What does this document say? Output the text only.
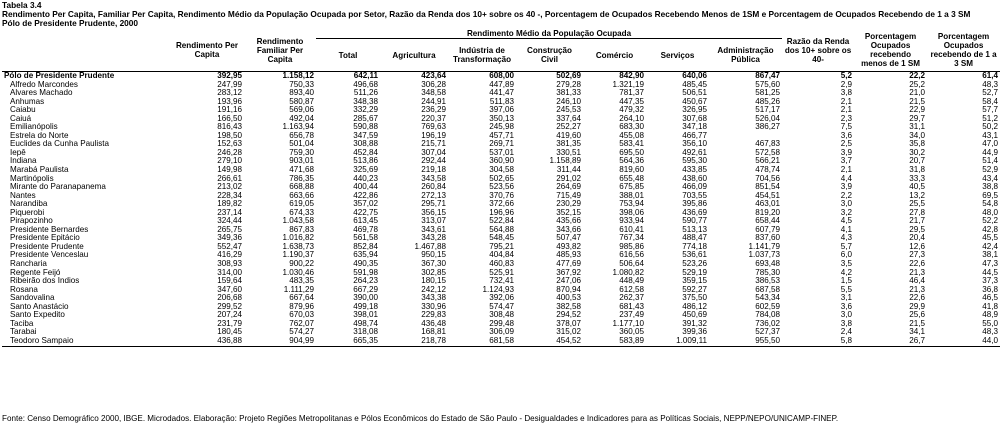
Tabela 3.4
Rendimento Per Capita, Familiar Per Capita, Rendimento Médio da População Ocupada por Setor, Razão da Renda dos 10+ sobre os 40 -, Porcentagem de Ocupados Recebendo Menos de 1SM e Porcentagem de Ocupados Recebendo de 1 a 3 SM
Pólo de Presidente Prudente, 2000
	Rendimento Per Capita	Rendimento Familiar Per Capita	Rendimento Médio da População Ocupada							Razão da Renda dos 10+ sobre os 40-	Porcentagem Ocupados recebendo menos de 1 SM	Porcentagem Ocupados recebendo de 1 a 3 SM
			Total	Agricultura	Indústria de Transformação	Construção Civil	Comércio	Serviços	Administração Pública			
Pólo de Presidente Prudente	392,95	1.158,12	642,11	423,64	608,00	502,69	842,90	640,06	867,47	5,2	22,2	61,4
Alfredo Marcondes	247,99	750,33	496,68	306,28	447,89	279,28	1.321,19	485,45	575,60	2,9	25,2	48,3
Álvares Machado	283,12	893,40	511,26	348,58	441,47	381,33	781,37	506,51	581,25	3,8	21,0	52,7
Anhumas	193,96	580,87	348,38	244,91	511,83	246,10	447,35	450,67	485,26	2,1	21,5	58,4
Caiabu	191,16	569,06	332,29	236,29	397,06	245,53	479,32	326,95	517,17	2,1	22,9	57,7
Caiuá	166,50	492,04	285,67	220,37	350,13	337,64	264,10	307,68	526,04	2,3	29,7	51,2
Emilianópolis	816,43	1.163,94	590,88	769,63	245,98	252,27	683,30	347,18	386,27	7,5	31,1	50,2
Estrela do Norte	198,50	656,78	347,59	196,19	457,71	419,60	455,08	466,77		3,6	34,0	43,1
Euclides da Cunha Paulista	152,63	501,04	308,88	215,71	269,71	381,35	583,41	356,10	467,83	2,5	35,8	47,0
Iepê	246,28	759,30	452,84	307,04	537,01	330,51	695,50	492,61	572,58	3,9	30,2	44,9
Indiana	279,10	903,01	513,86	292,44	360,90	1.158,89	564,36	595,30	566,21	3,7	20,7	51,4
Marabá Paulista	149,98	471,68	325,69	219,18	304,58	311,44	819,60	433,85	478,74	2,1	31,8	52,9
Martinópolis	266,61	786,35	440,23	343,58	502,65	291,02	655,48	438,60	704,56	4,4	33,3	43,4
Mirante do Paranapanema	213,02	668,88	400,44	260,84	523,56	264,69	675,85	466,09	851,54	3,9	40,5	38,8
Nantes	228,34	663,66	422,86	272,13	370,76	715,49	388,01	703,55	454,51	2,2	13,2	69,5
Narandiba	189,82	619,05	357,02	295,71	372,66	230,29	753,94	395,86	463,01	3,0	25,5	54,8
Piquerobi	237,14	674,33	422,75	356,15	196,96	352,15	398,06	436,69	819,20	3,2	27,8	48,0
Pirapozinho	324,44	1.043,58	613,45	313,07	522,84	435,66	933,94	590,77	658,44	4,5	21,7	52,2
Presidente Bernardes	265,75	867,83	469,78	343,61	564,88	343,66	610,41	513,13	607,79	4,1	29,5	42,8
Presidente Epitácio	349,36	1.016,82	561,58	343,28	548,45	507,47	767,34	488,47	837,60	4,3	20,4	45,5
Presidente Prudente	552,47	1.638,73	852,84	1.467,88	795,21	493,82	985,86	774,18	1.141,79	5,7	12,6	42,4
Presidente Venceslau	416,29	1.190,37	635,94	950,15	404,84	485,93	616,56	536,61	1.037,73	6,0	27,3	38,1
Rancharia	308,93	900,22	490,35	367,30	460,83	477,69	506,64	523,26	693,48	3,5	22,6	47,3
Regente Feijó	314,00	1.030,46	591,98	302,85	525,91	367,92	1.080,82	529,19	785,30	4,2	21,3	44,5
Ribeirão dos Índios	159,64	483,35	264,23	180,15	732,41	247,06	448,49	359,15	386,53	1,5	46,4	37,3
Rosana	347,60	1.111,29	667,29	242,12	1.124,93	870,94	612,58	592,27	687,58	5,5	21,3	36,8
Sandovalina	206,68	667,64	390,00	343,38	392,06	400,53	262,37	375,50	543,34	3,1	22,6	46,5
Santo Anastácio	299,52	879,96	499,18	330,96	574,47	382,58	681,43	486,12	602,59	3,6	29,9	41,8
Santo Expedito	207,24	670,03	398,01	229,83	308,48	294,52	237,49	450,69	784,08	3,0	25,6	48,9
Taciba	231,79	762,07	498,74	436,48	299,48	378,07	1.177,10	391,32	736,02	3,8	21,5	55,0
Tarabai	180,45	574,27	318,08	168,81	306,09	315,02	360,05	399,36	527,37	2,4	34,1	48,3
Teodoro Sampaio	436,88	904,99	665,35	218,78	681,58	454,52	583,89	1.009,11	955,50	5,8	26,7	44,0
Fonte: Censo Demográfico 2000, IBGE. Microdados. Elaboração: Projeto Regiões Metropolitanas e Pólos Econômicos do Estado de São Paulo - Desigualdades e Indicadores para as Políticas Sociais, NEPP/NEPO/UNICAMP-FINEP.
